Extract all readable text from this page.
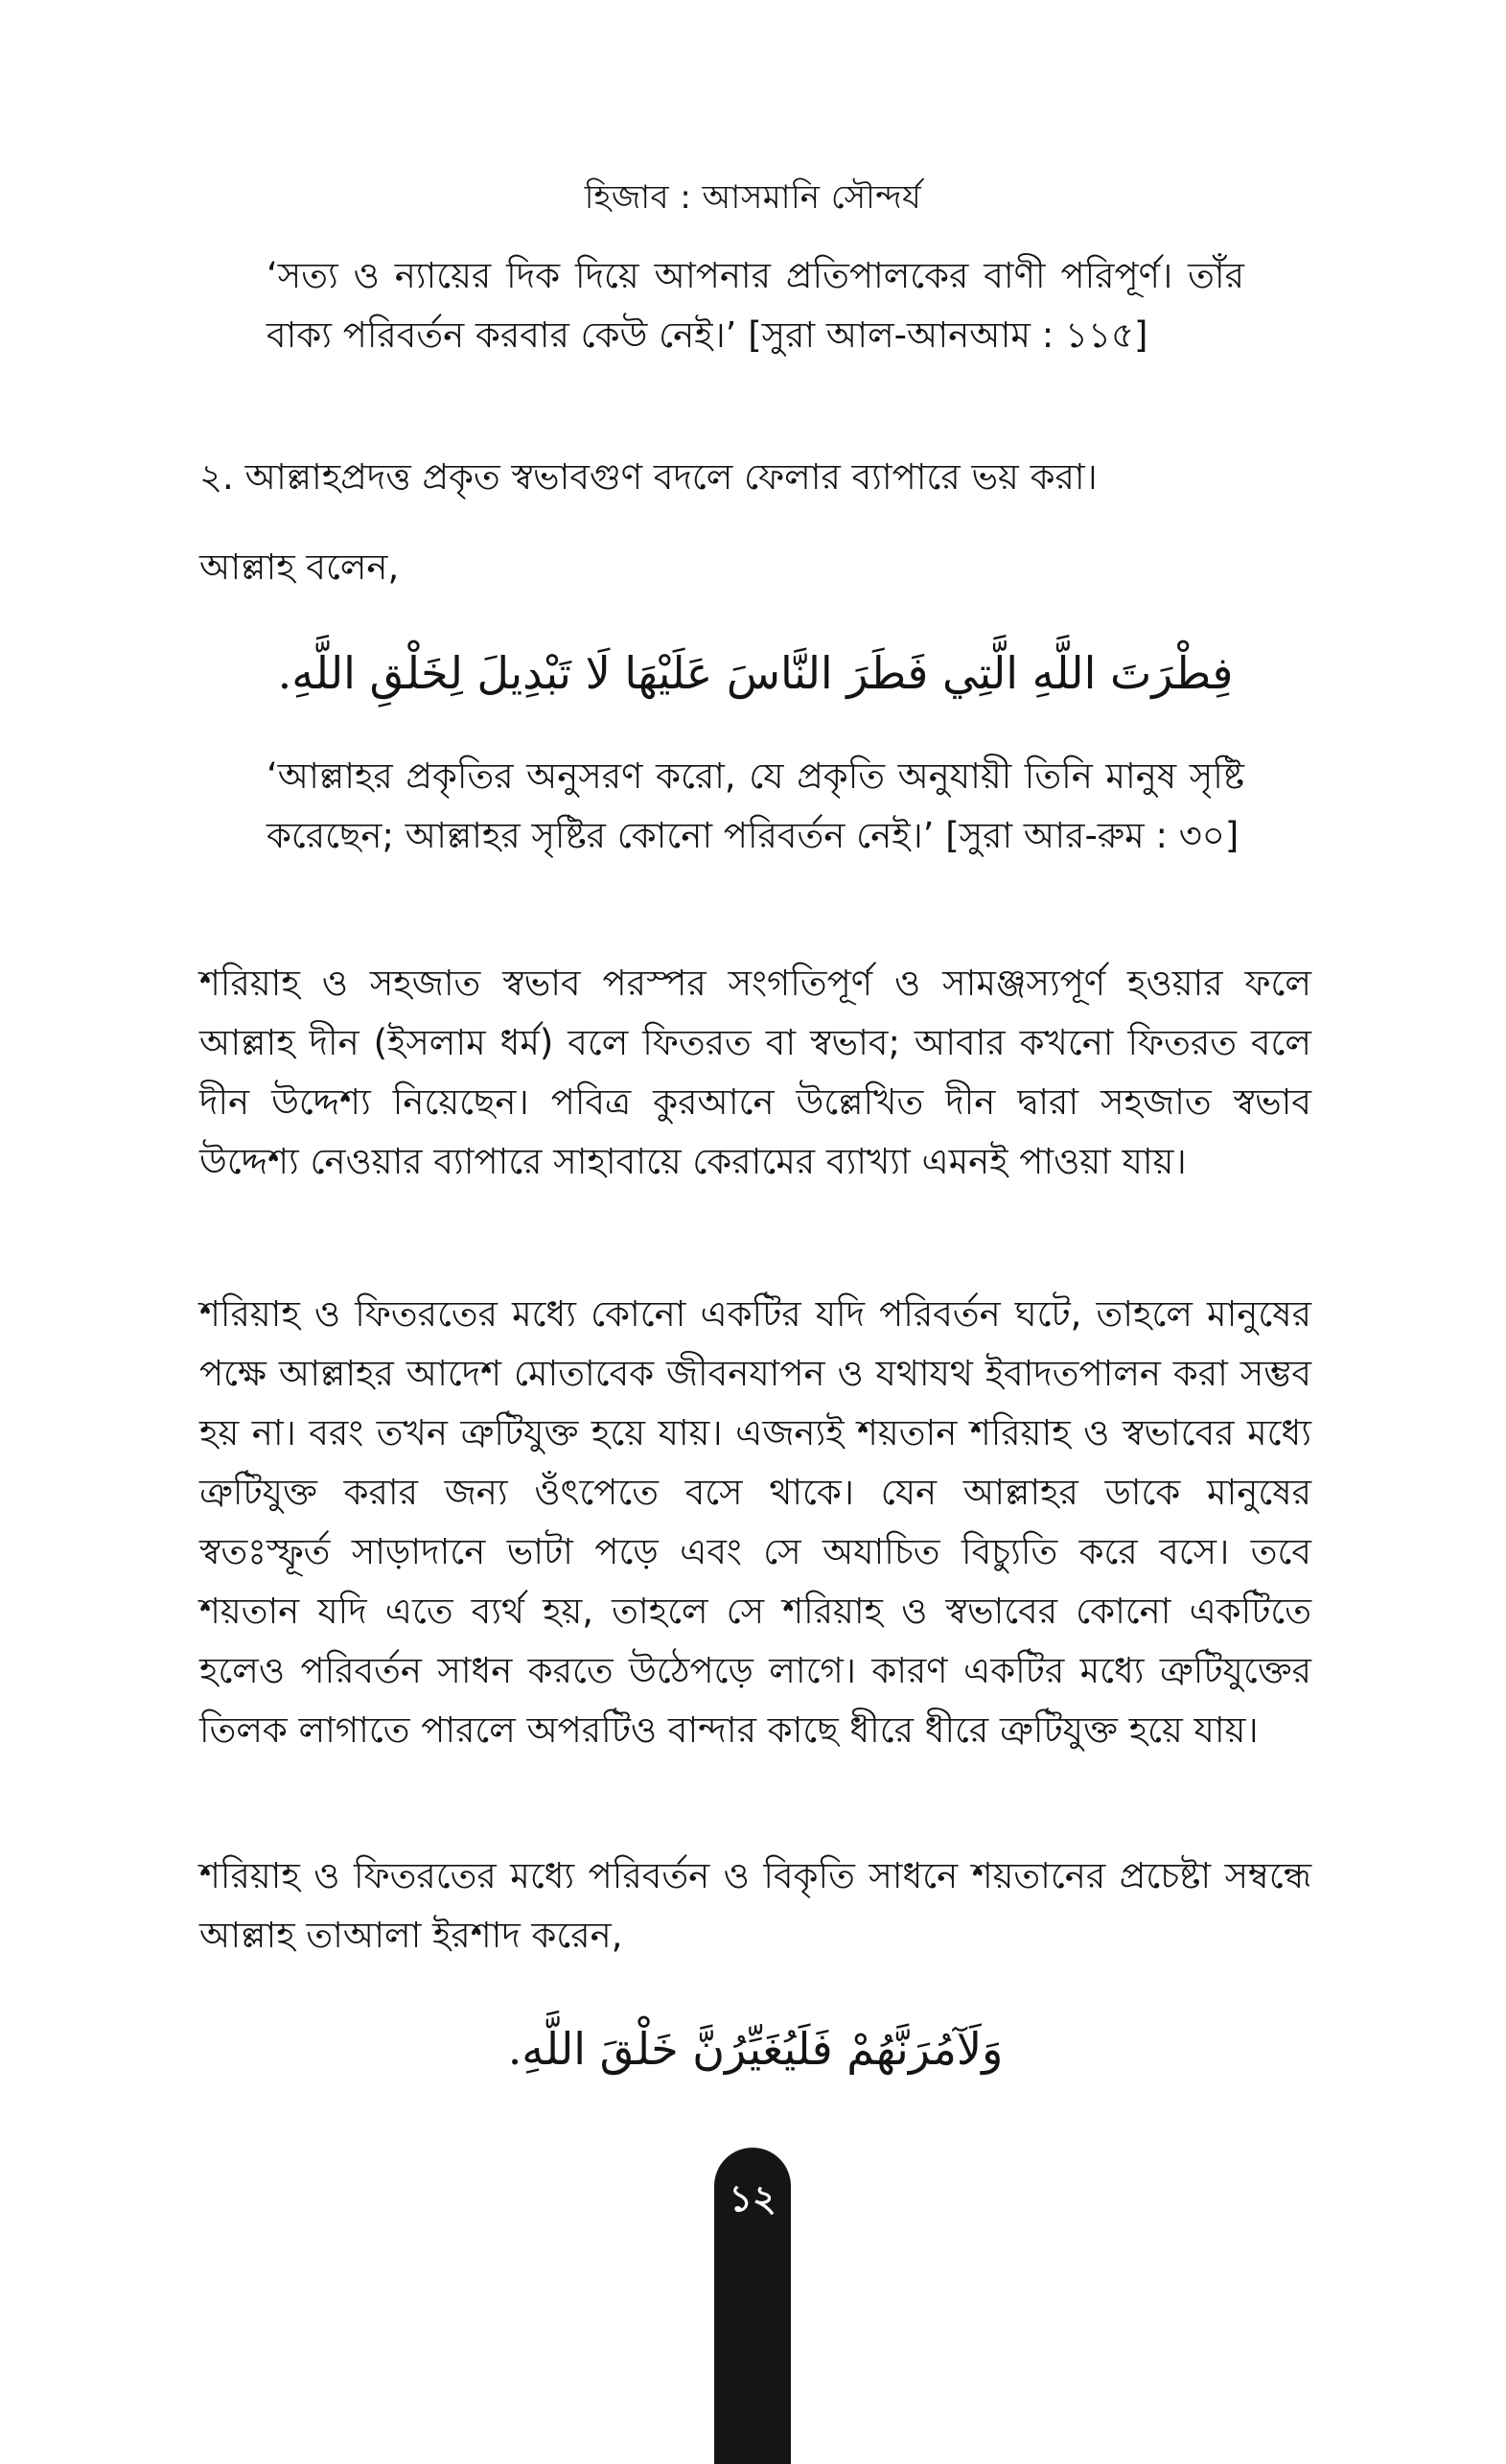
হিজাব : আসমানি সৌন্দর্য

‘সত্য ও ন্যায়ের দিক দিয়ে আপনার প্রতিপালকের বাণী পরিপূর্ণ। তাঁর বাক্য পরিবর্তন করবার কেউ নেই।’ [সুরা আল-আনআম : ১১৫]

২. আল্লাহপ্রদত্ত প্রকৃত স্বভাবগুণ বদলে ফেলার ব্যাপারে ভয় করা।

আল্লাহ বলেন,

فِطْرَتَ اللَّهِ الَّتِي فَطَرَ النَّاسَ عَلَيْهَا لَا تَبْدِيلَ لِخَلْقِ اللَّهِ.

‘আল্লাহর প্রকৃতির অনুসরণ করো, যে প্রকৃতি অনুযায়ী তিনি মানুষ সৃষ্টি করেছেন; আল্লাহর সৃষ্টির কোনো পরিবর্তন নেই।’ [সুরা আর-রুম : ৩০]

শরিয়াহ ও সহজাত স্বভাব পরস্পর সংগতিপূর্ণ ও সামঞ্জস্যপূর্ণ হওয়ার ফলে আল্লাহ দীন (ইসলাম ধর্ম) বলে ফিতরত বা স্বভাব; আবার কখনো ফিতরত বলে দীন উদ্দেশ্য নিয়েছেন। পবিত্র কুরআনে উল্লেখিত দীন দ্বারা সহজাত স্বভাব উদ্দেশ্য নেওয়ার ব্যাপারে সাহাবায়ে কেরামের ব্যাখ্যা এমনই পাওয়া যায়।

শরিয়াহ ও ফিতরতের মধ্যে কোনো একটির যদি পরিবর্তন ঘটে, তাহলে মানুষের পক্ষে আল্লাহর আদেশ মোতাবেক জীবনযাপন ও যথাযথ ইবাদতপালন করা সম্ভব হয় না। বরং তখন ত্রুটিযুক্ত হয়ে যায়। এজন্যই শয়তান শরিয়াহ ও স্বভাবের মধ্যে ত্রুটিযুক্ত করার জন্য ওঁৎপেতে বসে থাকে। যেন আল্লাহর ডাকে মানুষের স্বতঃস্ফূর্ত সাড়াদানে ভাটা পড়ে এবং সে অযাচিত বিচ্যুতি করে বসে। তবে শয়তান যদি এতে ব্যর্থ হয়, তাহলে সে শরিয়াহ ও স্বভাবের কোনো একটিতে হলেও পরিবর্তন সাধন করতে উঠেপড়ে লাগে। কারণ একটির মধ্যে ত্রুটিযুক্তের তিলক লাগাতে পারলে অপরটিও বান্দার কাছে ধীরে ধীরে ত্রুটিযুক্ত হয়ে যায়।

শরিয়াহ ও ফিতরতের মধ্যে পরিবর্তন ও বিকৃতি সাধনে শয়তানের প্রচেষ্টা সম্বন্ধে আল্লাহ তাআলা ইরশাদ করেন,

وَلَآمُرَنَّهُمْ فَلَيُغَيِّرُنَّ خَلْقَ اللَّهِ.

১২
